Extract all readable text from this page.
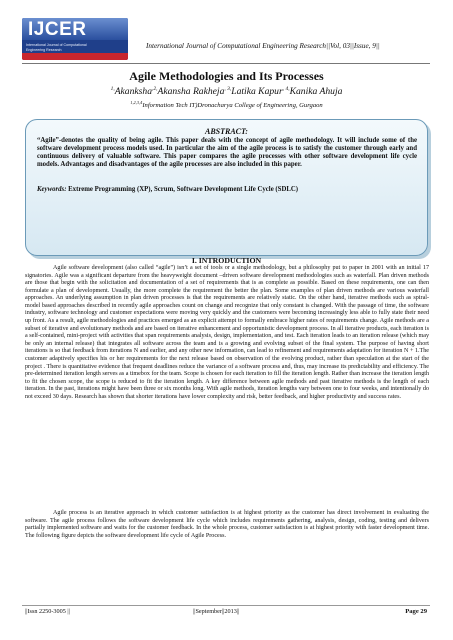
IJCER
International Journal of Computational
Engineering Research	International Journal of Computational Engineering Research||Vol, 03||Issue, 9||
Agile Methodologies and Its Processes
$^{1,}$Akanksha$^{,2,}$Akansha Rakheja$^{, 3,}$Latika Kapur$^{, 4,}$Kanika Ahuja
$^{1,2,3,4}$Information Tech IT)Dronacharya College of Engineering, Gurgaon
ABSTRACT:
“Agile”-denotes the quality of being agile. This paper deals with the concept of agile methodology. It will include some of the software development process models used. In particular the aim of the agile process is to satisfy the customer through early and continuous delivery of valuable software. This paper compares the agile processes with other software development life cycle models. Advantages and disadvantages of the agile processes are also included in this paper.
Keywords: Extreme Programming (XP), Scrum, Software Development Life Cycle (SDLC)
I. INTRODUCTION
Agile software development (also called “agile”) isn’t a set of tools or a single methodology, but a philosophy put to paper in 2001 with an initial 17 signatories. Agile was a significant departure from the heavyweight document –driven software development methodologies such as waterfall. Plan driven methods are those that begin with the solicitation and documentation of a set of requirements that is as complete as possible. Based on these requirements, one can then formulate a plan of development. Usually, the more complete the requirement the better the plan. Some examples of plan driven methods are various waterfall approaches. An underlying assumption in plan driven processes is that the requirements are relatively static. On the other hand, iterative methods such as spiral-model based approaches described in recently agile approaches count on change and recognize that only constant is changed. With the passage of time, the software industry, software technology and customer expectations were moving very quickly and the customers were becoming increasingly less able to fully state their need up front. As a result, agile methodologies and practices emerged as an explicit attempt to formally embrace higher rates of requirements change. Agile methods are a subset of iterative and evolutionary methods and are based on iterative enhancement and opportunistic development process. In all iterative products, each iteration is a self-contained, mini-project with activities that span requirements analysis, design, implementation, and test. Each iteration leads to an iteration release (which may be only an internal release) that integrates all software across the team and is a growing and evolving subset of the final system. The purpose of having short iterations is so that feedback from iterations N and earlier, and any other new information, can lead to refinement and requirements adaptation for iteration N + 1.The customer adaptively specifies his or her requirements for the next release based on observation of the evolving product, rather than speculation at the start of the project . There is quantitative evidence that frequent deadlines reduce the variance of a software process and, thus, may increase its predictability and efficiency. The pre-determined iteration length serves as a timebox for the team. Scope is chosen for each iteration to fill the iteration length. Rather than increase the iteration length to fit the chosen scope, the scope is reduced to fit the iteration length. A key difference between agile methods and past iterative methods is the length of each iteration. In the past, iterations might have been three or six months long. With agile methods, iteration lengths vary between one to four weeks, and intentionally do not exceed 30 days. Research has shown that shorter iterations have lower complexity and risk, better feedback, and higher productivity and success rates.
Agile process is an iterative approach in which customer satisfaction is at highest priority as the customer has direct involvement in evaluating the software. The agile process follows the software development life cycle which includes requirements gathering, analysis, design, coding, testing and delivers partially implemented software and waits for the customer feedback. In the whole process, customer satisfaction is at highest priority with faster development time. The following figure depicts the software development life cycle of Agile Process.
||Issn 2250-3005 ||	||September||2013||	Page 29
